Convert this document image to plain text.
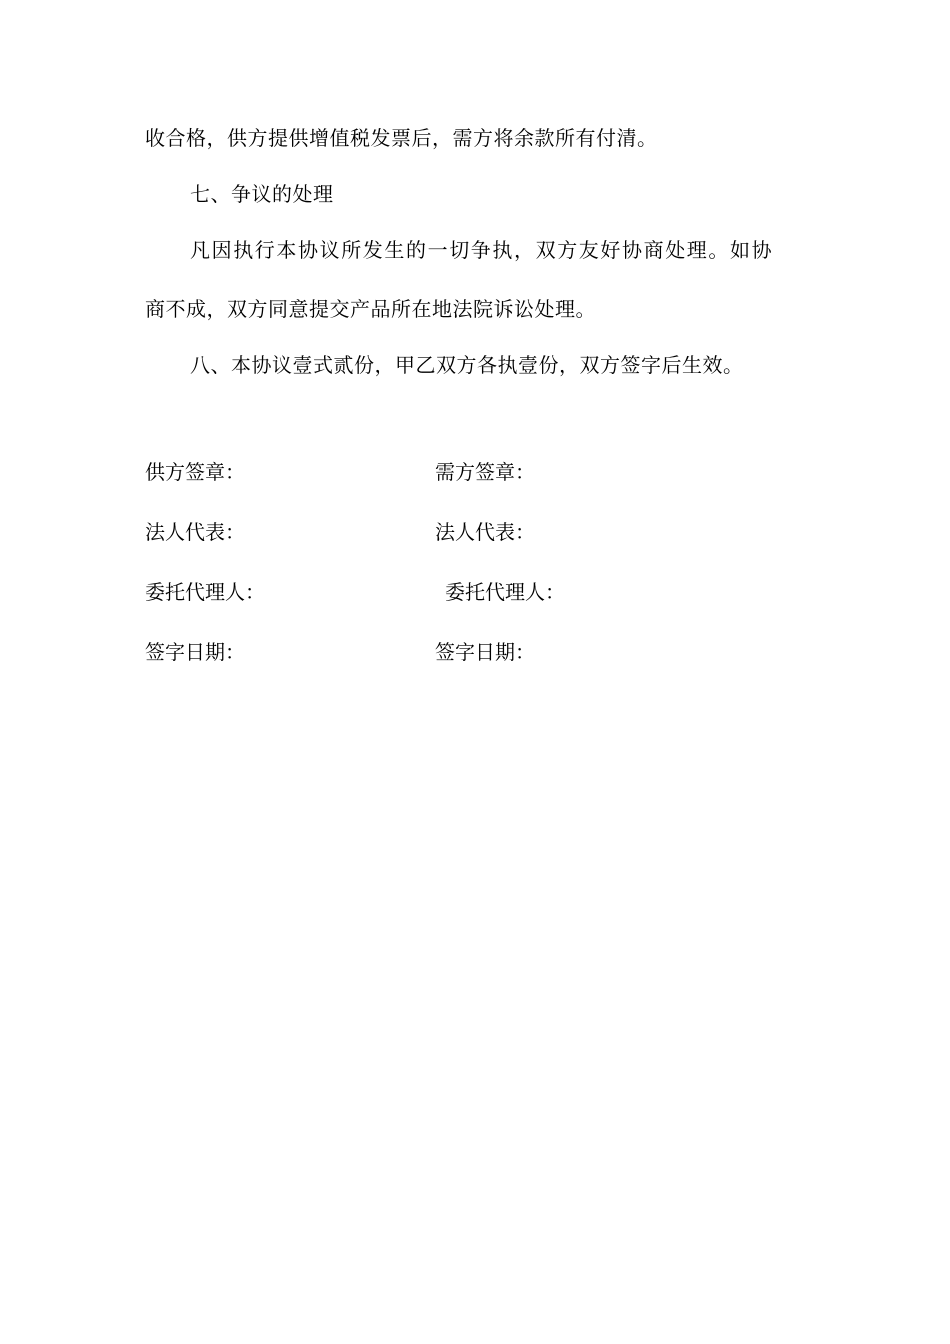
收合格，供方提供增值税发票后，需方将余款所有付清。
七、争议的处理
凡因执行本协议所发生的一切争执，双方友好协商处理。如协
商不成，双方同意提交产品所在地法院诉讼处理。
八、本协议壹式贰份，甲乙双方各执壹份，双方签字后生效。
供方签章：	需方签章：
法人代表：	法人代表：
委托代理人：	委托代理人：
签字日期：	签字日期：
